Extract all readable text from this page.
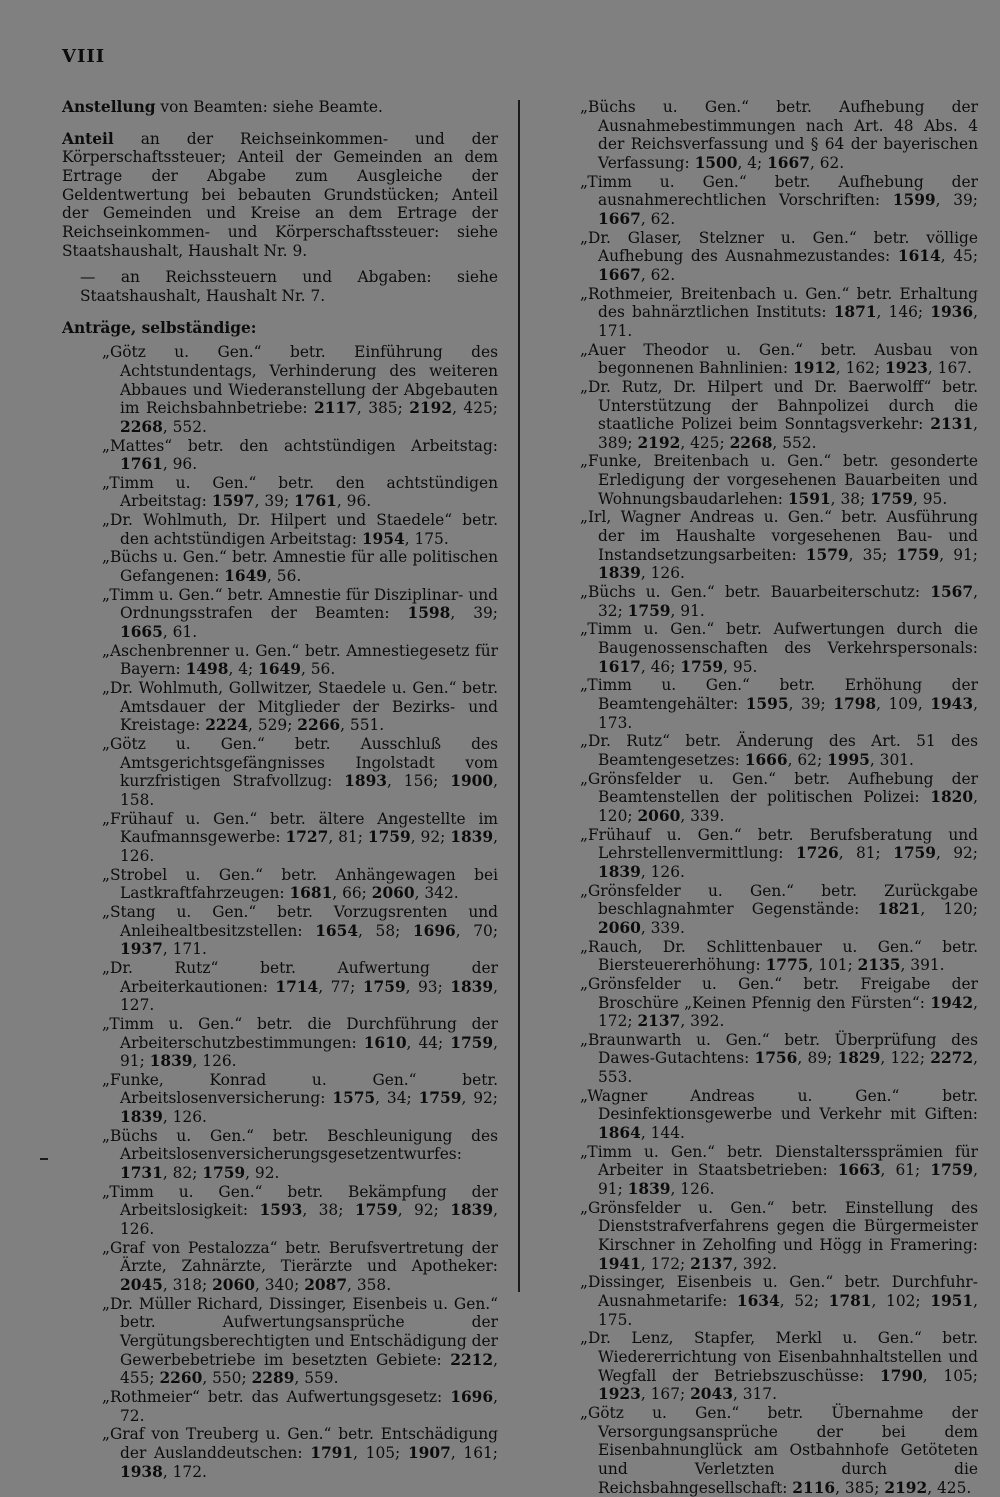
VIII

Anstellung von Beamten: siehe Beamte.

Anteil an der Reichseinkommen- und der Körperschaftssteuer; Anteil der Gemeinden an dem Ertrage der Abgabe zum Ausgleiche der Geldentwertung bei bebauten Grundstücken; Anteil der Gemeinden und Kreise an dem Ertrage der Reichseinkommen- und Körperschaftssteuer: siehe Staatshaushalt, Haushalt Nr. 9.

— an Reichssteuern und Abgaben: siehe Staatshaushalt, Haushalt Nr. 7.

Anträge, selbständige:

„Götz u. Gen.“ betr. Einführung des Achtstundentags, Verhinderung des weiteren Abbaues und Wiederanstellung der Abgebauten im Reichsbahnbetriebe: 2117, 385; 2192, 425; 2268, 552.

„Mattes“ betr. den achtstündigen Arbeitstag: 1761, 96.

„Timm u. Gen.“ betr. den achtstündigen Arbeitstag: 1597, 39; 1761, 96.

„Dr. Wohlmuth, Dr. Hilpert und Staedele“ betr. den achtstündigen Arbeitstag: 1954, 175.

„Büchs u. Gen.“ betr. Amnestie für alle politischen Gefangenen: 1649, 56.

„Timm u. Gen.“ betr. Amnestie für Disziplinar- und Ordnungsstrafen der Beamten: 1598, 39; 1665, 61.

„Aschenbrenner u. Gen.“ betr. Amnestiegesetz für Bayern: 1498, 4; 1649, 56.

„Dr. Wohlmuth, Gollwitzer, Staedele u. Gen.“ betr. Amtsdauer der Mitglieder der Bezirks- und Kreistage: 2224, 529; 2266, 551.

„Götz u. Gen.“ betr. Ausschluß des Amtsgerichtsgefängnisses Ingolstadt vom kurzfristigen Strafvollzug: 1893, 156; 1900, 158.

„Frühauf u. Gen.“ betr. ältere Angestellte im Kaufmannsgewerbe: 1727, 81; 1759, 92; 1839, 126.

„Strobel u. Gen.“ betr. Anhängewagen bei Lastkraftfahrzeugen: 1681, 66; 2060, 342.

„Stang u. Gen.“ betr. Vorzugsrenten und Anleihealtbesitzstellen: 1654, 58; 1696, 70; 1937, 171.

„Dr. Rutz“ betr. Aufwertung der Arbeiterkautionen: 1714, 77; 1759, 93; 1839, 127.

„Timm u. Gen.“ betr. die Durchführung der Arbeiterschutzbestimmungen: 1610, 44; 1759, 91; 1839, 126.

„Funke, Konrad u. Gen.“ betr. Arbeitslosenversicherung: 1575, 34; 1759, 92; 1839, 126.

„Büchs u. Gen.“ betr. Beschleunigung des Arbeitslosenversicherungsgesetzentwurfes: 1731, 82; 1759, 92.

„Timm u. Gen.“ betr. Bekämpfung der Arbeitslosigkeit: 1593, 38; 1759, 92; 1839, 126.

„Graf von Pestalozza“ betr. Berufsvertretung der Ärzte, Zahnärzte, Tierärzte und Apotheker: 2045, 318; 2060, 340; 2087, 358.

„Dr. Müller Richard, Dissinger, Eisenbeis u. Gen.“ betr. Aufwertungsansprüche der Vergütungsberechtigten und Entschädigung der Gewerbebetriebe im besetzten Gebiete: 2212, 455; 2260, 550; 2289, 559.

„Rothmeier“ betr. das Aufwertungsgesetz: 1696, 72.

„Graf von Treuberg u. Gen.“ betr. Entschädigung der Auslanddeutschen: 1791, 105; 1907, 161; 1938, 172.

„Büchs u. Gen.“ betr. Aufhebung der Ausnahmebestimmungen nach Art. 48 Abs. 4 der Reichsverfassung und § 64 der bayerischen Verfassung: 1500, 4; 1667, 62.

„Timm u. Gen.“ betr. Aufhebung der ausnahmerechtlichen Vorschriften: 1599, 39; 1667, 62.

„Dr. Glaser, Stelzner u. Gen.“ betr. völlige Aufhebung des Ausnahmezustandes: 1614, 45; 1667, 62.

„Rothmeier, Breitenbach u. Gen.“ betr. Erhaltung des bahnärztlichen Instituts: 1871, 146; 1936, 171.

„Auer Theodor u. Gen.“ betr. Ausbau von begonnenen Bahnlinien: 1912, 162; 1923, 167.

„Dr. Rutz, Dr. Hilpert und Dr. Baerwolff“ betr. Unterstützung der Bahnpolizei durch die staatliche Polizei beim Sonntagsverkehr: 2131, 389; 2192, 425; 2268, 552.

„Funke, Breitenbach u. Gen.“ betr. gesonderte Erledigung der vorgesehenen Bauarbeiten und Wohnungsbaudarlehen: 1591, 38; 1759, 95.

„Irl, Wagner Andreas u. Gen.“ betr. Ausführung der im Haushalte vorgesehenen Bau- und Instandsetzungsarbeiten: 1579, 35; 1759, 91; 1839, 126.

„Büchs u. Gen.“ betr. Bauarbeiterschutz: 1567, 32; 1759, 91.

„Timm u. Gen.“ betr. Aufwertungen durch die Baugenossenschaften des Verkehrspersonals: 1617, 46; 1759, 95.

„Timm u. Gen.“ betr. Erhöhung der Beamtengehälter: 1595, 39; 1798, 109, 1943, 173.

„Dr. Rutz“ betr. Änderung des Art. 51 des Beamtengesetzes: 1666, 62; 1995, 301.

„Grönsfelder u. Gen.“ betr. Aufhebung der Beamtenstellen der politischen Polizei: 1820, 120; 2060, 339.

„Frühauf u. Gen.“ betr. Berufsberatung und Lehrstellenvermittlung: 1726, 81; 1759, 92; 1839, 126.

„Grönsfelder u. Gen.“ betr. Zurückgabe beschlagnahmter Gegenstände: 1821, 120; 2060, 339.

„Rauch, Dr. Schlittenbauer u. Gen.“ betr. Biersteuererhöhung: 1775, 101; 2135, 391.

„Grönsfelder u. Gen.“ betr. Freigabe der Broschüre „Keinen Pfennig den Fürsten“: 1942, 172; 2137, 392.

„Braunwarth u. Gen.“ betr. Überprüfung des Dawes-Gutachtens: 1756, 89; 1829, 122; 2272, 553.

„Wagner Andreas u. Gen.“ betr. Desinfektionsgewerbe und Verkehr mit Giften: 1864, 144.

„Timm u. Gen.“ betr. Dienstalterssprämien für Arbeiter in Staatsbetrieben: 1663, 61; 1759, 91; 1839, 126.

„Grönsfelder u. Gen.“ betr. Einstellung des Dienststrafverfahrens gegen die Bürgermeister Kirschner in Zeholfing und Högg in Framering: 1941, 172; 2137, 392.

„Dissinger, Eisenbeis u. Gen.“ betr. Durchfuhr-Ausnahmetarife: 1634, 52; 1781, 102; 1951, 175.

„Dr. Lenz, Stapfer, Merkl u. Gen.“ betr. Wiedererrichtung von Eisenbahnhaltstellen und Wegfall der Betriebszuschüsse: 1790, 105; 1923, 167; 2043, 317.

„Götz u. Gen.“ betr. Übernahme der Versorgungsansprüche der bei dem Eisenbahnunglück am Ostbahnhofe Getöteten und Verletzten durch die Reichsbahngesellschaft: 2116, 385; 2192, 425.
